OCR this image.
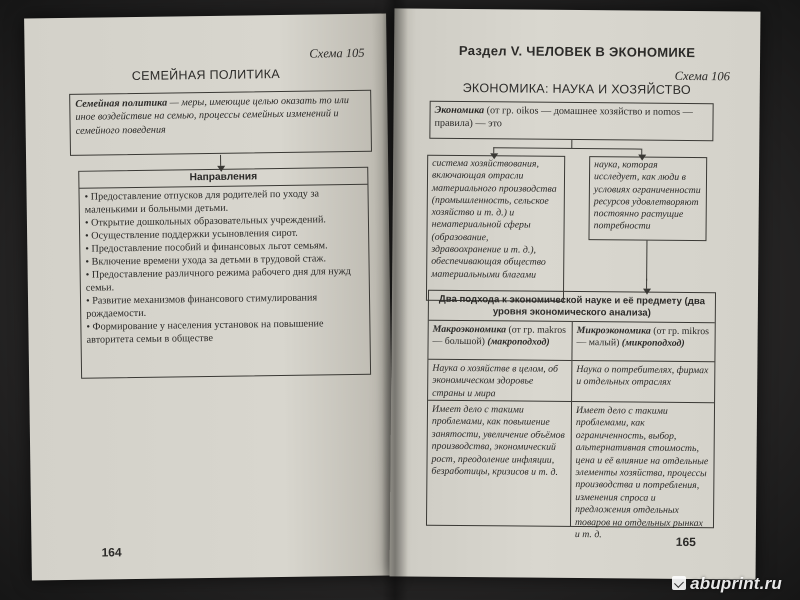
Схема 105
СЕМЕЙНАЯ ПОЛИТИКА
Семейная политика — меры, имеющие целью оказать то или иное воздействие на семью, процессы семейных изменений и семейного поведения
Направления
• Предоставление отпусков для родителей по уходу за маленькими и больными детьми.
• Открытие дошкольных образовательных учреждений.
• Осуществление поддержки усыновления сирот.
• Предоставление пособий и финансовых льгот семьям.
• Включение времени ухода за детьми в трудовой стаж.
• Предоставление различного режима рабочего дня для нужд семьи.
• Развитие механизмов финансового стимулирования рождаемости.
• Формирование у населения установок на повышение авторитета семьи в обществе
164
Раздел V. ЧЕЛОВЕК В ЭКОНОМИКЕ
Схема 106
ЭКОНОМИКА: НАУКА И ХОЗЯЙСТВО
Экономика (от гр. oikos — домашнее хозяйство и nomos — правила) — это
система хозяйствования, включающая отрасли материального производства (промышленность, сельское хозяйство и т. д.) и нематериальной сферы (образование, здравоохранение и т. д.), обеспечивающая общество материальными благами
наука, которая исследует, как люди в условиях ограниченности ресурсов удовлетворяют постоянно растущие потребности
Два подхода к экономической науке и её предмету (два уровня экономического анализа)
Макроэкономика (от гр. makros — большой) (макроподход)
Микроэкономика (от гр. mikros — малый) (микроподход)
Наука о хозяйстве в целом, об экономическом здоровье страны и мира
Наука о потребителях, фирмах и отдельных отраслях
Имеет дело с такими проблемами, как повышение занятости, увеличение объёмов производства, экономический рост, преодоление инфляции, безработицы, кризисов и т. д.
Имеет дело с такими проблемами, как ограниченность, выбор, альтернативная стоимость, цена и её влияние на отдельные элементы хозяйства, процессы производства и потребления, изменения спроса и предложения отдельных товаров на отдельных рынках и т. д.
165
abuprint.ru
